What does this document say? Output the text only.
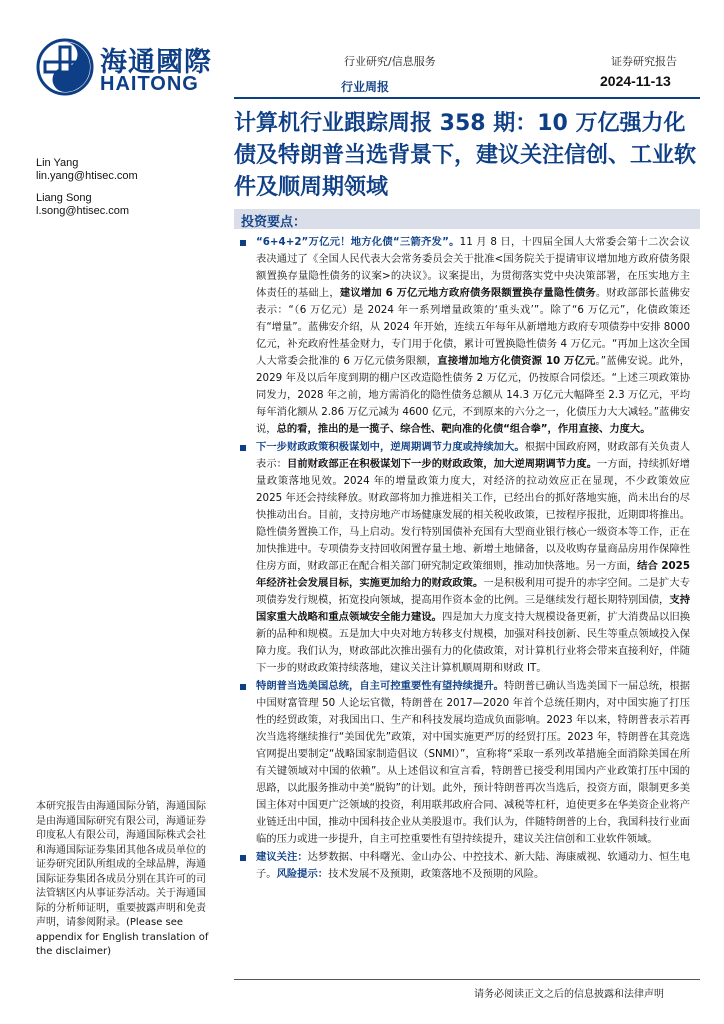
海通國際
HAITONG
行业研究/信息服务
行业周报
证券研究报告
2024-11-13
计算机行业跟踪周报 358 期：10 万亿强力化债及特朗普当选背景下，建议关注信创、工业软件及顺周期领域
Lin Yang
lin.yang@htisec.com
Liang Song
l.song@htisec.com
投资要点：

“6+4+2”万亿元！地方化债“三箭齐发”。11 月 8 日，十四届全国人大常委会第十二次会议表决通过了《全国人民代表大会常务委员会关于批准<国务院关于提请审议增加地方政府债务限额置换存量隐性债务的议案>的决议》。议案提出，为贯彻落实党中央决策部署，在压实地方主体责任的基础上，建议增加 6 万亿元地方政府债务限额置换存量隐性债务。财政部部长蓝佛安表示：“（6 万亿元）是 2024 年一系列增量政策的‘重头戏’”。除了“6 万亿元”，化债政策还有“增量”。蓝佛安介绍，从 2024 年开始，连续五年每年从新增地方政府专项债券中安排 8000 亿元，补充政府性基金财力，专门用于化债，累计可置换隐性债务 4 万亿元。“再加上这次全国人大常委会批准的 6 万亿元债务限额，直接增加地方化债资源 10 万亿元。”蓝佛安说。此外，2029 年及以后年度到期的棚户区改造隐性债务 2 万亿元，仍按原合同偿还。“上述三项政策协同发力，2028 年之前，地方需消化的隐性债务总额从 14.3 万亿元大幅降至 2.3 万亿元，平均每年消化额从 2.86 万亿元减为 4600 亿元，不到原来的六分之一，化债压力大大减轻。”蓝佛安说，总的看，推出的是一揽子、综合性、靶向准的化债“组合拳”，作用直接、力度大。

下一步财政政策积极谋划中，逆周期调节力度或持续加大。根据中国政府网，财政部有关负责人表示：目前财政部正在积极谋划下一步的财政政策，加大逆周期调节力度。一方面，持续抓好增量政策落地见效。2024 年的增量政策力度大，对经济的拉动效应正在显现，不少政策效应 2025 年还会持续释放。财政部将加力推进相关工作，已经出台的抓好落地实施，尚未出台的尽快推动出台。目前，支持房地产市场健康发展的相关税收政策，已按程序报批，近期即将推出。隐性债务置换工作，马上启动。发行特别国债补充国有大型商业银行核心一级资本等工作，正在加快推进中。专项债券支持回收闲置存量土地、新增土地储备，以及收购存量商品房用作保障性住房方面，财政部正在配合相关部门研究制定政策细则，推动加快落地。另一方面，结合 2025 年经济社会发展目标，实施更加给力的财政政策。一是积极利用可提升的赤字空间。二是扩大专项债券发行规模，拓宽投向领域，提高用作资本金的比例。三是继续发行超长期特别国债，支持国家重大战略和重点领域安全能力建设。四是加大力度支持大规模设备更新，扩大消费品以旧换新的品种和规模。五是加大中央对地方转移支付规模，加强对科技创新、民生等重点领域投入保障力度。我们认为，财政部此次推出强有力的化债政策，对计算机行业将会带来直接利好，伴随下一步的财政政策持续落地，建议关注计算机顺周期和财政 IT。

特朗普当选美国总统，自主可控重要性有望持续提升。特朗普已确认当选美国下一届总统，根据中国财富管理 50 人论坛官微，特朗普在 2017—2020 年首个总统任期内，对中国实施了打压性的经贸政策，对我国出口、生产和科技发展均造成负面影响。2023 年以来，特朗普表示若再次当选将继续推行“美国优先”政策，对中国实施更严厉的经贸打压。2023 年，特朗普在其竞选官网提出要制定“战略国家制造倡议（SNMI）”，宣称将“采取一系列改革措施全面消除美国在所有关键领域对中国的依赖”。从上述倡议和宣言看，特朗普已接受利用国内产业政策打压中国的思路，以此服务推动中美“脱钩”的计划。此外，预计特朗普再次当选后，投资方面，限制更多美国主体对中国更广泛领域的投资，利用联邦政府合同、减税等杠杆，迫使更多在华美资企业将产业链迁出中国，推动中国科技企业从美股退市。我们认为，伴随特朗普的上台，我国科技行业面临的压力或进一步提升，自主可控重要性有望持续提升，建议关注信创和工业软件领域。

建议关注：达梦数据、中科曙光、金山办公、中控技术、新大陆、海康威视、软通动力、恒生电子。风险提示：技术发展不及预期，政策落地不及预期的风险。

本研究报告由海通国际分销，海通国际是由海通国际研究有限公司，海通证券印度私人有限公司，海通国际株式会社和海通国际证券集团其他各成员单位的证券研究团队所组成的全球品牌，海通国际证券集团各成员分别在其许可的司法管辖区内从事证券活动。关于海通国际的分析师证明，重要披露声明和免责声明，请参阅附录。(Please see appendix for English translation of the disclaimer)
请务必阅读正文之后的信息披露和法律声明
